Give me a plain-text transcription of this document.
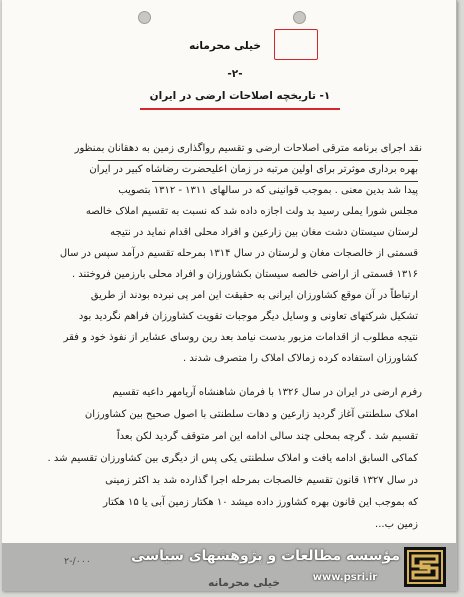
خیلی محرمانه
-۲-
۱- تاریخچه اصلاحات ارضی در ایران
نقد اجرای برنامه مترقی اصلاحات ارضی و تقسیم رواگذاری زمین به دهقانان بمنظور
بهره برداری موثرتر برای اولین مرتبه در زمان اعلیحضرت رضاشاه کبیر در ایران
پیدا شد بدین معنی . بموجب قوانینی که در سالهای ۱۳۱۱ - ۱۳۱۲ بتصویب
مجلس شورا یملی رسید بد ولت اجازه داده شد که نسبت به تقسیم املاک خالصه
لرستان سیستان دشت مغان بین زارعین و افراد محلی اقدام نماید در نتیجه
قسمتی از خالصجات مغان و لرستان در سال ۱۳۱۴ بمرحله تقسیم درآمد سپس در سال
۱۳۱۶ قسمتی از اراضی خالصه سیستان بکشاورزان و افراد محلی بارزمین فروختند .
ارتباطاً در آن موقع کشاورزان ایرانی به حقیقت این امر پی نبرده بودند از طریق
تشکیل شرکتهای تعاونی و وسایل دیگر موجبات تقویت کشاورزان فراهم نگردید بود
نتیجه مطلوب از اقدامات مزبور بدست نیامد بعد رین روسای عشایر از نفوذ خود و فقر
کشاورزان استفاده کرده زمالاک املاک را متصرف شدند .
رفرم ارضی در ایران در سال ۱۳۲۶ با فرمان شاهنشاه آریامهر داعیه تقسیم
املاک سلطنتی آغاز گردید زارعین و دهات سلطنتی با اصول صحیح بین کشاورزان
تقسیم شد . گرچه بمحلی چند سالی ادامه این امر متوقف گردید لکن بعداً
کماکی السابق ادامه یافت و املاک سلطنتی یکی پس از دیگری بین کشاورزان تقسیم شد .
در سال ۱۳۲۷ قانون تقسیم خالصجات بمرحله اجرا گذارده شد بد اکثر زمینی
که بموجب این قانون بهره کشاورز داده میشد ۱۰ هکتار زمین آبی یا ۱۵ هکتار
زمین ب...
مؤسسه مطالعات و پژوهشهای سیاسی
www.psri.ir
